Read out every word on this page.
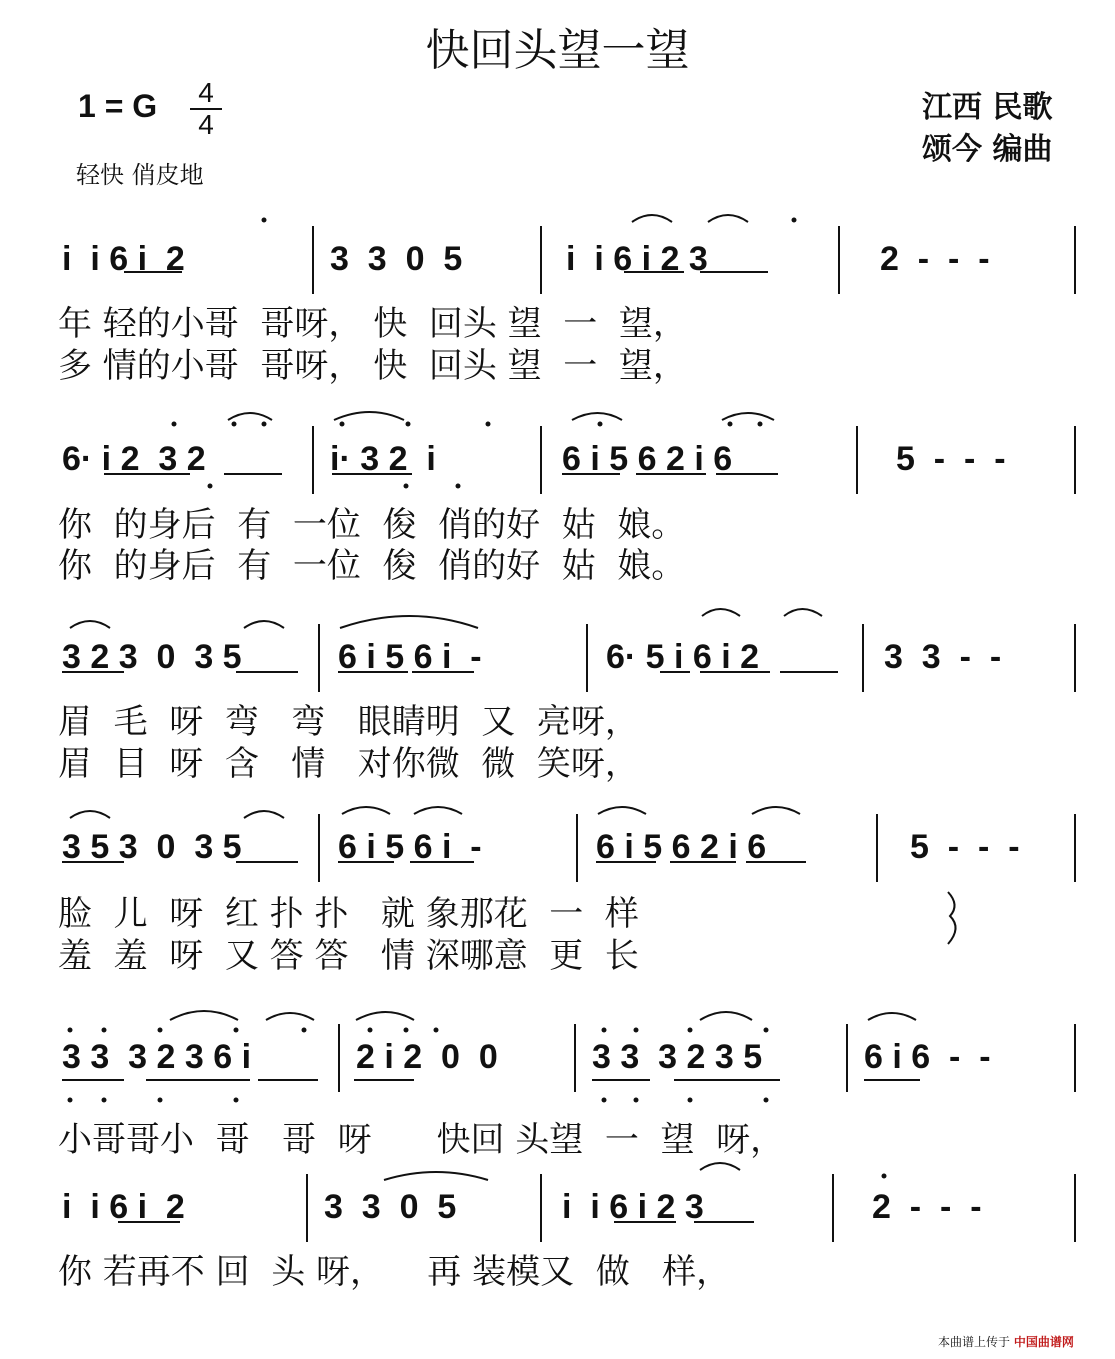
快回头望一望
1 = G	4
4
轻快 俏皮地
江西 民歌
颂今 编曲
i  i 6 i  2	3  3  0  5	i  i 6 i 2 3	2  -  -  -
年 轻的小哥  哥呀， 快  回头 望  一  望，
多 情的小哥  哥呀， 快  回头 望  一  望，
6· i 2  3 2	i· 3 2  i	6 i 5 6 2 i 6	5  -  -  -
你  的身后  有  一位  俊  俏的好  姑  娘。
你  的身后  有  一位  俊  俏的好  姑  娘。
3 2 3  0  3 5	6 i 5 6 i  -	6· 5 i 6 i 2	3  3  -  -
眉  毛  呀  弯   弯   眼睛明  又  亮呀，
眉  目  呀  含   情   对你微  微  笑呀，
3 5 3  0  3 5	6 i 5 6 i  -	6 i 5 6 2 i 6	5  -  -  -
脸  儿  呀  红 扑 扑   就 象那花  一  样
羞  羞  呀  又 答 答   情 深哪意  更  长
3 3  3 2 3 6 i	2 i 2  0  0	3 3  3 2 3 5	6 i 6  -  -
小哥哥小  哥   哥  呀      快回 头望  一  望  呀，
i  i 6 i  2	3  3  0  5	i  i 6 i 2 3	2  -  -  -
你 若再不 回  头 呀，    再 装模又  做   样，
本曲谱上传于 中国曲谱网
